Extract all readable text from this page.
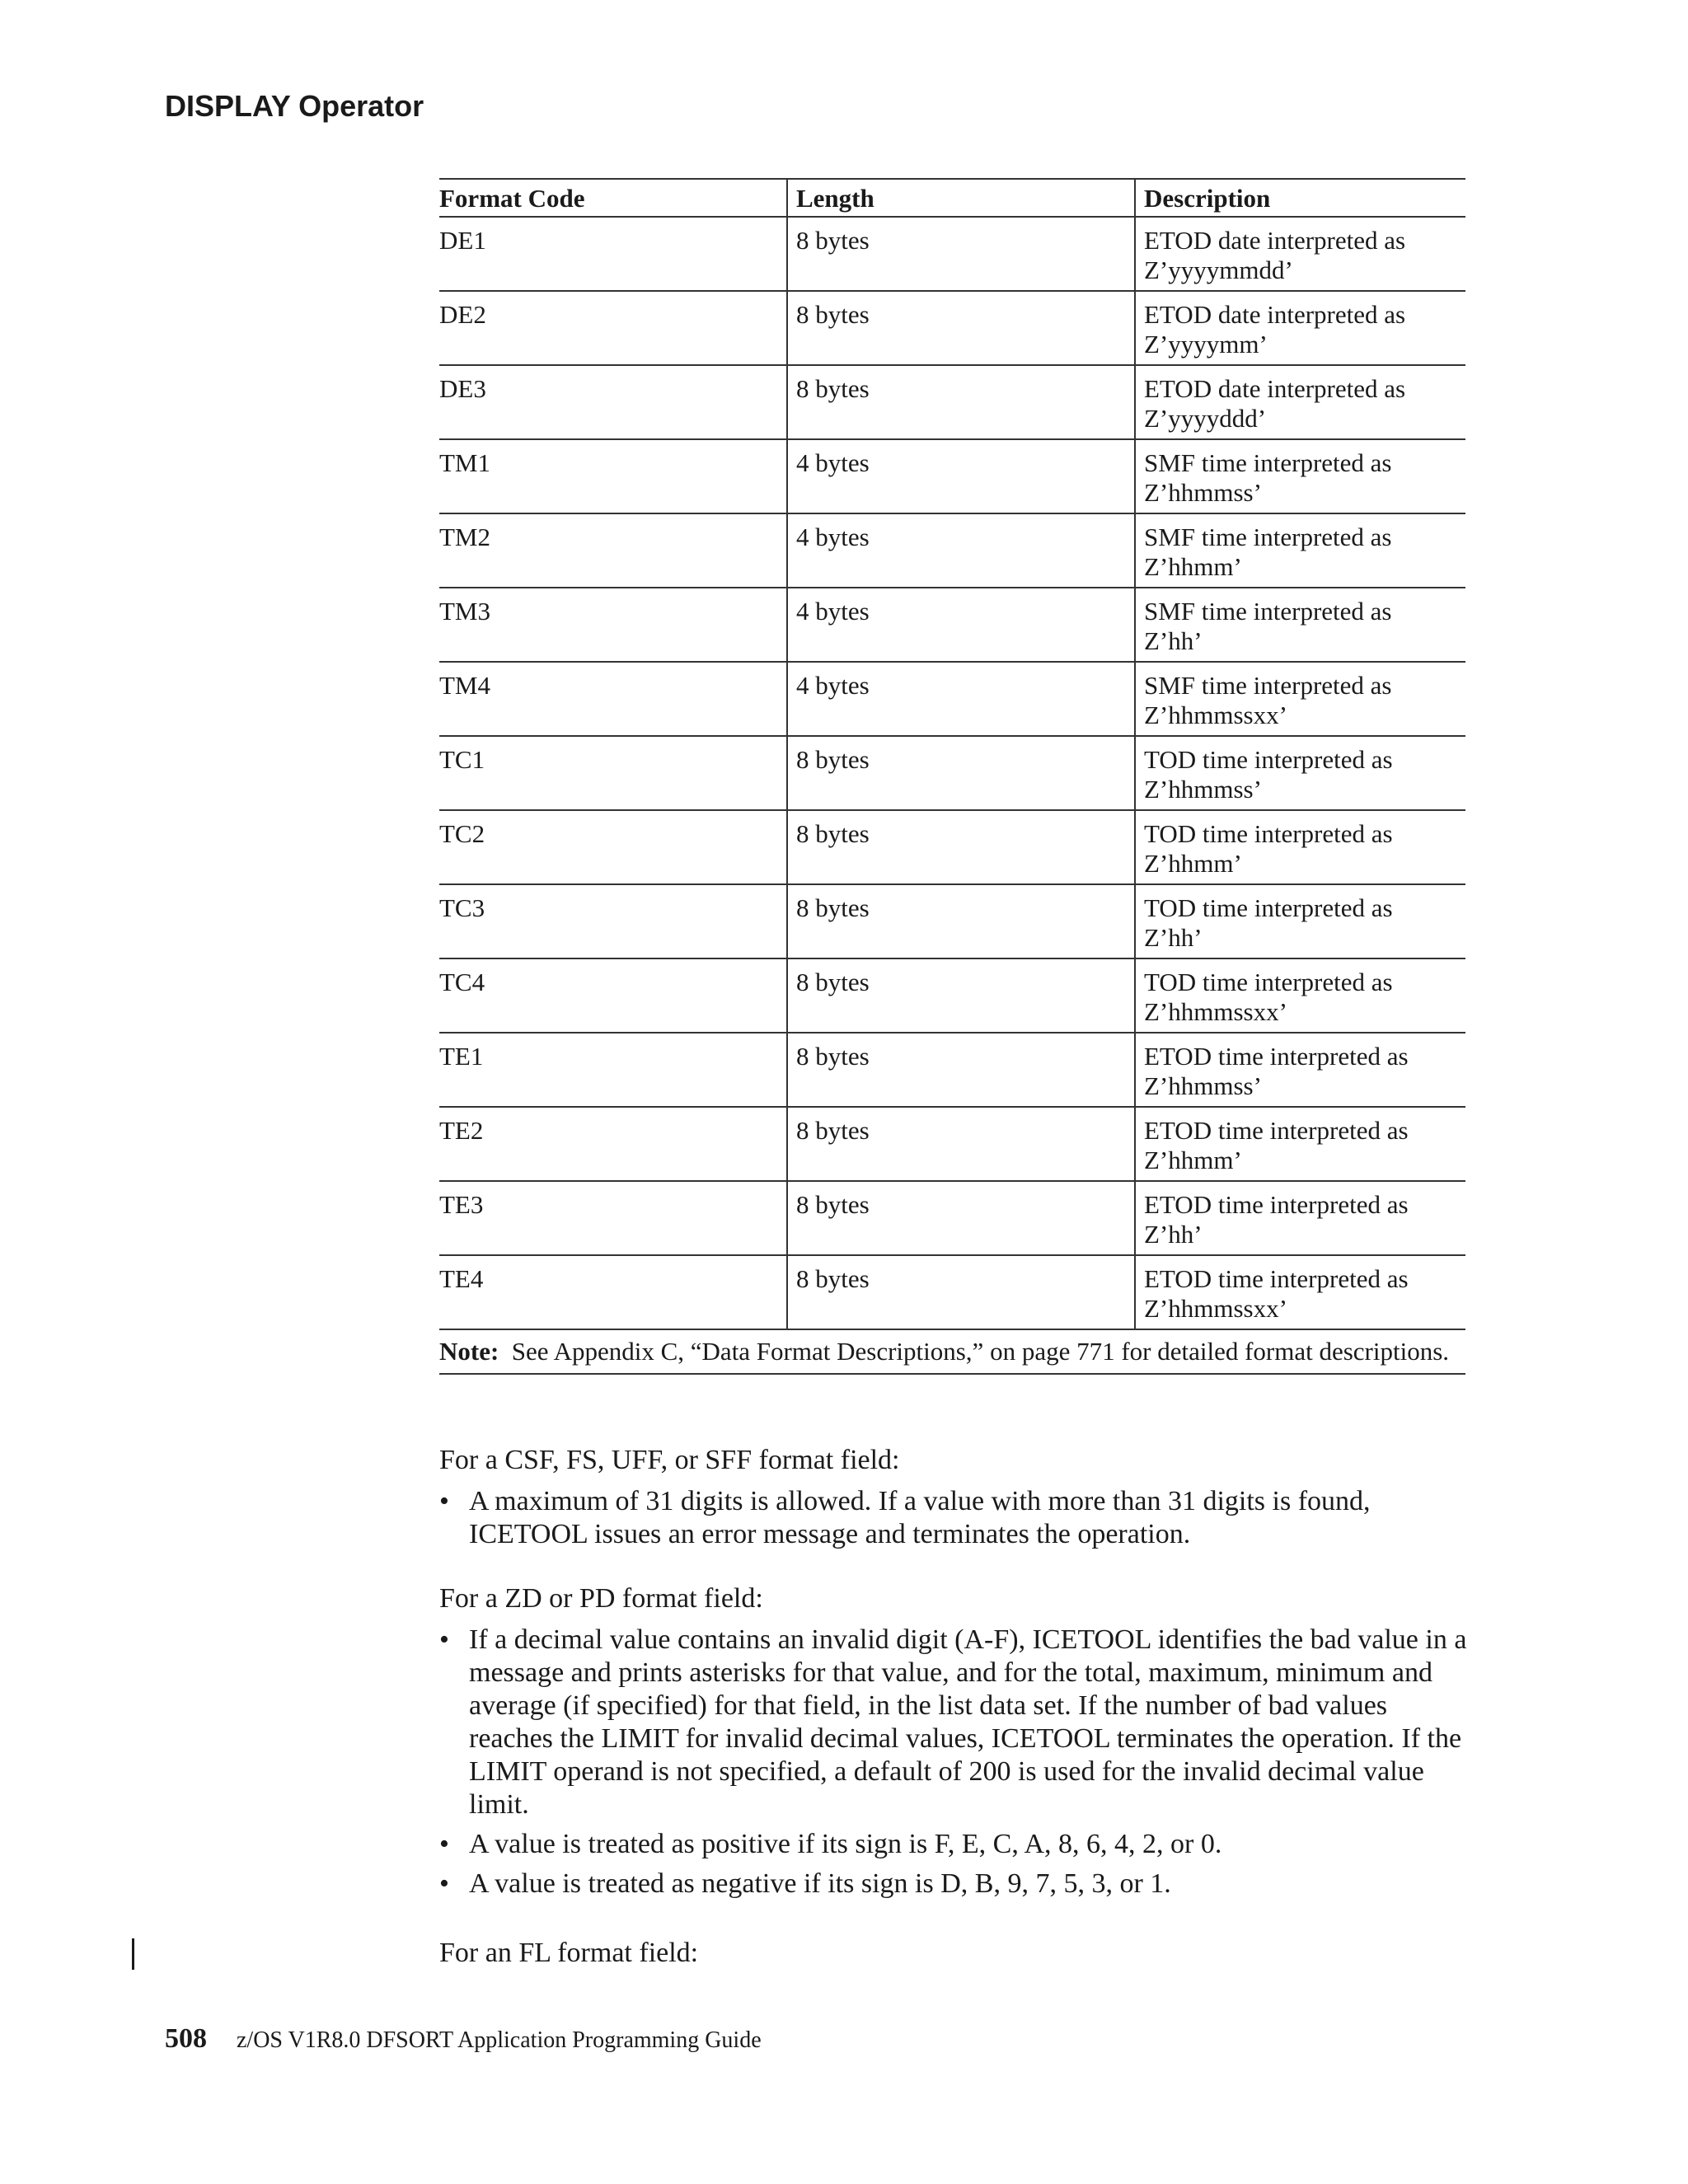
DISPLAY Operator
Format Code	Length	Description
DE1	8 bytes	ETOD date interpreted as
Z’yyyymmdd’
DE2	8 bytes	ETOD date interpreted as
Z’yyyymm’
DE3	8 bytes	ETOD date interpreted as
Z’yyyyddd’
TM1	4 bytes	SMF time interpreted as
Z’hhmmss’
TM2	4 bytes	SMF time interpreted as
Z’hhmm’
TM3	4 bytes	SMF time interpreted as
Z’hh’
TM4	4 bytes	SMF time interpreted as
Z’hhmmssxx’
TC1	8 bytes	TOD time interpreted as
Z’hhmmss’
TC2	8 bytes	TOD time interpreted as
Z’hhmm’
TC3	8 bytes	TOD time interpreted as
Z’hh’
TC4	8 bytes	TOD time interpreted as
Z’hhmmssxx’
TE1	8 bytes	ETOD time interpreted as
Z’hhmmss’
TE2	8 bytes	ETOD time interpreted as
Z’hhmm’
TE3	8 bytes	ETOD time interpreted as
Z’hh’
TE4	8 bytes	ETOD time interpreted as
Z’hhmmssxx’
Note: See Appendix C, “Data Format Descriptions,” on page 771 for detailed format descriptions.		

For a CSF, FS, UFF, or SFF format field:

• A maximum of 31 digits is allowed. If a value with more than 31 digits is found, ICETOOL issues an error message and terminates the operation.

For a ZD or PD format field:

• If a decimal value contains an invalid digit (A-F), ICETOOL identifies the bad value in a message and prints asterisks for that value, and for the total, maximum, minimum and average (if specified) for that field, in the list data set. If the number of bad values reaches the LIMIT for invalid decimal values, ICETOOL terminates the operation. If the LIMIT operand is not specified, a default of 200 is used for the invalid decimal value limit.
• A value is treated as positive if its sign is F, E, C, A, 8, 6, 4, 2, or 0.
• A value is treated as negative if its sign is D, B, 9, 7, 5, 3, or 1.

For an FL format field:

508 z/OS V1R8.0 DFSORT Application Programming Guide
